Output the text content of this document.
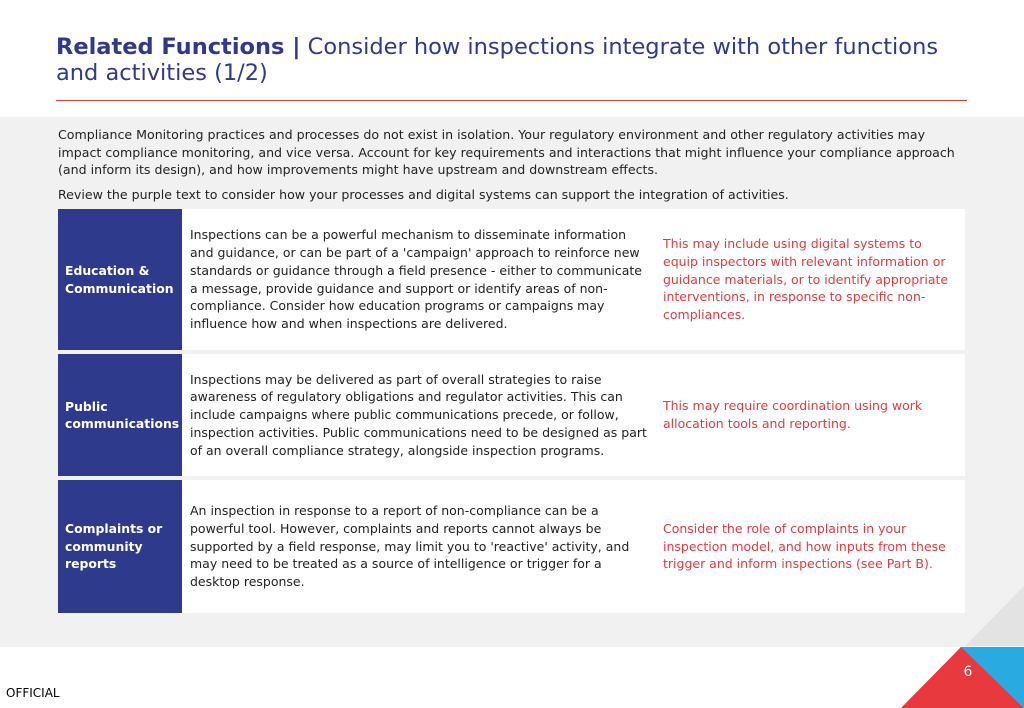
Related Functions | Consider how inspections integrate with other functions and activities (1/2)

Compliance Monitoring practices and processes do not exist in isolation. Your regulatory environment and other regulatory activities may impact compliance monitoring, and vice versa. Account for key requirements and interactions that might influence your compliance approach (and inform its design), and how improvements might have upstream and downstream effects.

Review the purple text to consider how your processes and digital systems can support the integration of activities.

Education & Communication
Inspections can be a powerful mechanism to disseminate information and guidance, or can be part of a 'campaign' approach to reinforce new standards or guidance through a field presence - either to communicate a message, provide guidance and support or identify areas of non-compliance. Consider how education programs or campaigns may influence how and when inspections are delivered.
This may include using digital systems to equip inspectors with relevant information or guidance materials, or to identify appropriate interventions, in response to specific non-compliances.
Public communications
Inspections may be delivered as part of overall strategies to raise awareness of regulatory obligations and regulator activities. This can include campaigns where public communications precede, or follow, inspection activities. Public communications need to be designed as part of an overall compliance strategy, alongside inspection programs.
This may require coordination using work allocation tools and reporting.
Complaints or community reports
An inspection in response to a report of non-compliance can be a powerful tool. However, complaints and reports cannot always be supported by a field response, may limit you to 'reactive' activity, and may need to be treated as a source of intelligence or trigger for a desktop response.
Consider the role of complaints in your inspection model, and how inputs from these trigger and inform inspections (see Part B).
6
OFFICIAL
